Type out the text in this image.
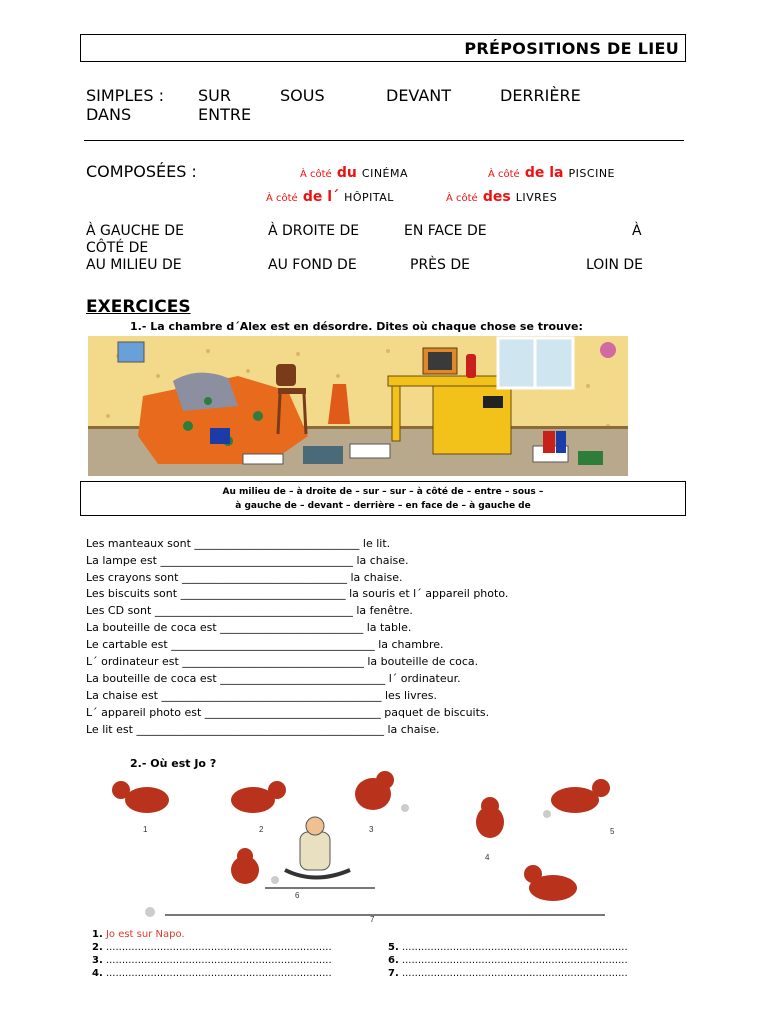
PRÉPOSITIONS DE LIEU
SIMPLES : SUR	SOUS	DEVANT	DERRIÈRE
DANS	ENTRE
COMPOSÉES :	À côté du CINÉMA	À côté de la PISCINE
À côté de l´ HÔPITAL	À côté des LIVRES
À GAUCHE DE	À DROITE DE	EN FACE DE	À
CÔTÉ DE
AU MILIEU DE	AU FOND DE	PRÈS DE	LOIN DE
EXERCICES
1.- La chambre d´Alex est en désordre. Dites où chaque chose se trouve:
Au milieu de – à droite de – sur – sur – à côté de – entre – sous –
à gauche de – devant – derrière – en face de – à gauche de
Les manteaux sont ______________________________ le lit.
La lampe est ___________________________________ la chaise.
Les crayons sont ______________________________ la chaise.
Les biscuits sont ______________________________ la souris et l´ appareil photo.
Les CD sont ____________________________________ la fenêtre.
La bouteille de coca est __________________________ la table.
Le cartable est _____________________________________ la chambre.
L´ ordinateur est _________________________________ la bouteille de coca.
La bouteille de coca est ______________________________ l´ ordinateur.
La chaise est ________________________________________ les livres.
L´ appareil photo est ________________________________ paquet de biscuits.
Le lit est _____________________________________________ la chaise.
2.- Où est Jo ?
1	2	3
4
5
6
7
1. Jo est sur Napo.
2. .......................................................................
3. .......................................................................
4. .......................................................................
5. .......................................................................
6. .......................................................................
7. .......................................................................
